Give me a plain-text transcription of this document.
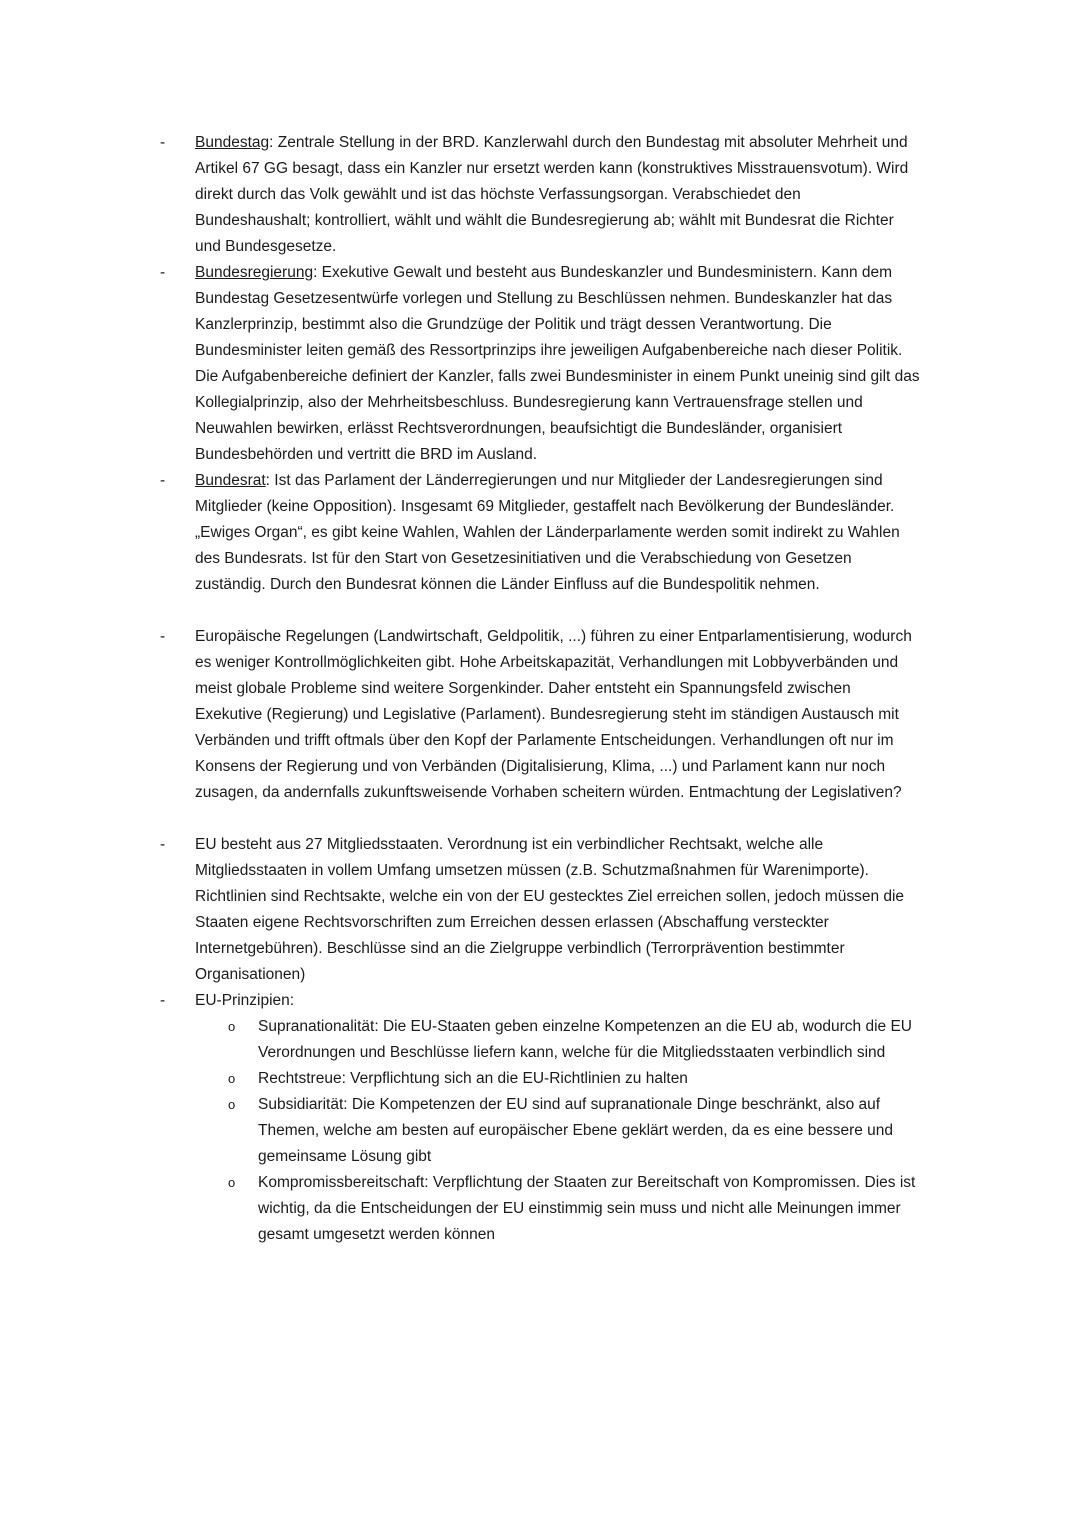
-	Bundestag: Zentrale Stellung in der BRD. Kanzlerwahl durch den Bundestag mit absoluter Mehrheit und Artikel 67 GG besagt, dass ein Kanzler nur ersetzt werden kann (konstruktives Misstrauensvotum). Wird direkt durch das Volk gewählt und ist das höchste Verfassungsorgan. Verabschiedet den Bundeshaushalt; kontrolliert, wählt und wählt die Bundesregierung ab; wählt mit Bundesrat die Richter und Bundesgesetze.
-	Bundesregierung: Exekutive Gewalt und besteht aus Bundeskanzler und Bundesministern. Kann dem Bundestag Gesetzesentwürfe vorlegen und Stellung zu Beschlüssen nehmen. Bundeskanzler hat das Kanzlerprinzip, bestimmt also die Grundzüge der Politik und trägt dessen Verantwortung. Die Bundesminister leiten gemäß des Ressortprinzips ihre jeweiligen Aufgabenbereiche nach dieser Politik. Die Aufgabenbereiche definiert der Kanzler, falls zwei Bundesminister in einem Punkt uneinig sind gilt das Kollegialprinzip, also der Mehrheitsbeschluss. Bundesregierung kann Vertrauensfrage stellen und Neuwahlen bewirken, erlässt Rechtsverordnungen, beaufsichtigt die Bundesländer, organisiert Bundesbehörden und vertritt die BRD im Ausland.
-	Bundesrat: Ist das Parlament der Länderregierungen und nur Mitglieder der Landesregierungen sind Mitglieder (keine Opposition). Insgesamt 69 Mitglieder, gestaffelt nach Bevölkerung der Bundesländer. „Ewiges Organ“, es gibt keine Wahlen, Wahlen der Länderparlamente werden somit indirekt zu Wahlen des Bundesrats. Ist für den Start von Gesetzesinitiativen und die Verabschiedung von Gesetzen zuständig. Durch den Bundesrat können die Länder Einfluss auf die Bundespolitik nehmen.
-	Europäische Regelungen (Landwirtschaft, Geldpolitik, ...) führen zu einer Entparlamentisierung, wodurch es weniger Kontrollmöglichkeiten gibt. Hohe Arbeitskapazität, Verhandlungen mit Lobbyverbänden und meist globale Probleme sind weitere Sorgenkinder. Daher entsteht ein Spannungsfeld zwischen Exekutive (Regierung) und Legislative (Parlament). Bundesregierung steht im ständigen Austausch mit Verbänden und trifft oftmals über den Kopf der Parlamente Entscheidungen. Verhandlungen oft nur im Konsens der Regierung und von Verbänden (Digitalisierung, Klima, ...) und Parlament kann nur noch zusagen, da andernfalls zukunftsweisende Vorhaben scheitern würden. Entmachtung der Legislativen?
-	EU besteht aus 27 Mitgliedsstaaten. Verordnung ist ein verbindlicher Rechtsakt, welche alle Mitgliedsstaaten in vollem Umfang umsetzen müssen (z.B. Schutzmaßnahmen für Warenimporte). Richtlinien sind Rechtsakte, welche ein von der EU gestecktes Ziel erreichen sollen, jedoch müssen die Staaten eigene Rechtsvorschriften zum Erreichen dessen erlassen (Abschaffung versteckter Internetgebühren). Beschlüsse sind an die Zielgruppe verbindlich (Terrorprävention bestimmter Organisationen)
-	EU-Prinzipien:
o	Supranationalität: Die EU-Staaten geben einzelne Kompetenzen an die EU ab, wodurch die EU Verordnungen und Beschlüsse liefern kann, welche für die Mitgliedsstaaten verbindlich sind
o	Rechtstreue: Verpflichtung sich an die EU-Richtlinien zu halten
o	Subsidiarität: Die Kompetenzen der EU sind auf supranationale Dinge beschränkt, also auf Themen, welche am besten auf europäischer Ebene geklärt werden, da es eine bessere und gemeinsame Lösung gibt
o	Kompromissbereitschaft: Verpflichtung der Staaten zur Bereitschaft von Kompromissen. Dies ist wichtig, da die Entscheidungen der EU einstimmig sein muss und nicht alle Meinungen immer gesamt umgesetzt werden können
